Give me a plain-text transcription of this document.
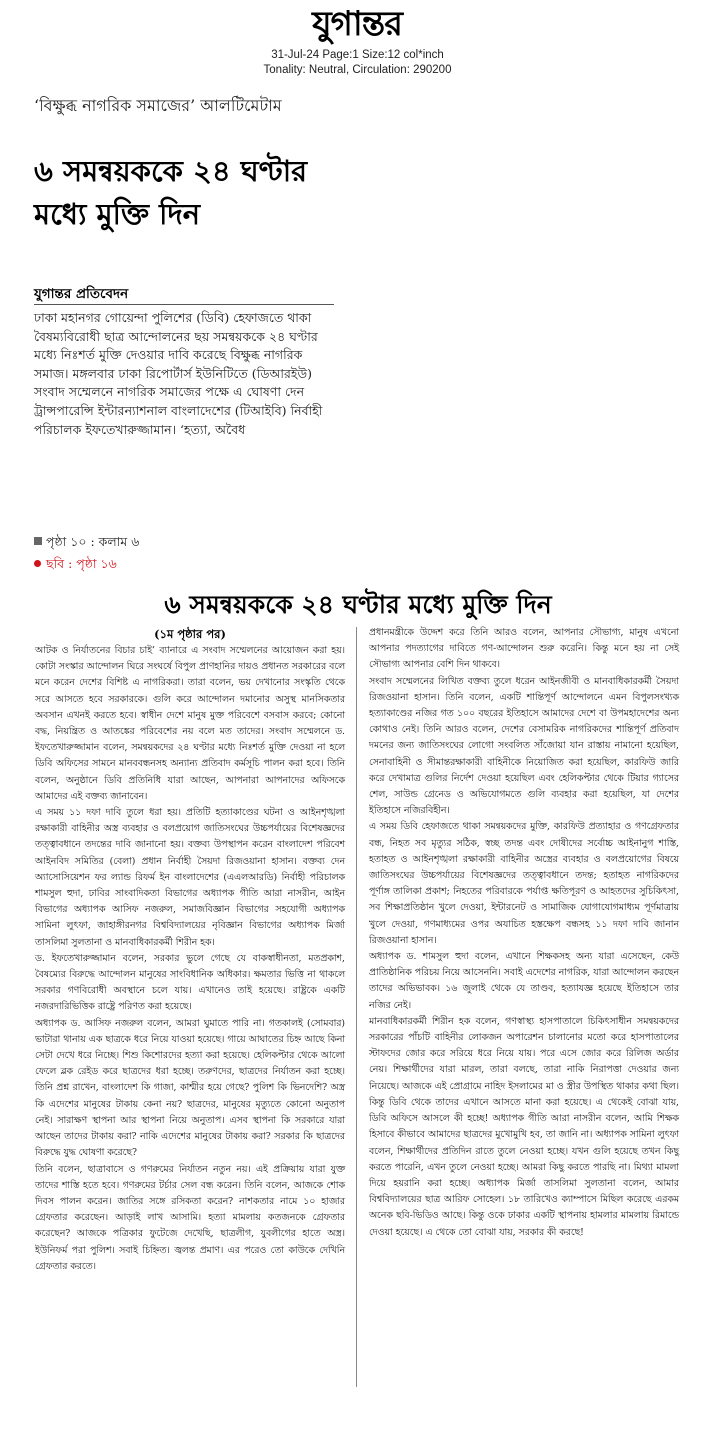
যুগান্তর
31-Jul-24 Page:1 Size:12 col*inch
Tonality: Neutral, Circulation: 290200
‘বিক্ষুব্ধ নাগরিক সমাজের’ আলটিমেটাম
৬ সমন্বয়ককে ২৪ ঘণ্টার মধ্যে মুক্তি দিন
যুগান্তর প্রতিবেদন
ঢাকা মহানগর গোয়েন্দা পুলিশের (ডিবি) হেফাজতে থাকা বৈষম্যবিরোধী ছাত্র আন্দোলনের ছয় সমন্বয়ককে ২৪ ঘণ্টার মধ্যে নিঃশর্ত মুক্তি দেওয়ার দাবি করেছে বিক্ষুব্ধ নাগরিক সমাজ। মঙ্গলবার ঢাকা রিপোর্টার্স ইউনিটিতে (ডিআরইউ) সংবাদ সম্মেলনে নাগরিক সমাজের পক্ষে এ ঘোষণা দেন ট্রান্সপারেন্সি ইন্টারন্যাশনাল বাংলাদেশের (টিআইবি) নির্বাহী পরিচালক ইফতেখারুজ্জামান। ‘হত্যা, অবৈধ
পৃষ্ঠা ১০ : কলাম ৬
ছবি : পৃষ্ঠা ১৬
৬ সমন্বয়ককে ২৪ ঘণ্টার মধ্যে মুক্তি দিন
(১ম পৃষ্ঠার পর)

আটক ও নির্যাতনের বিচার চাই’ ব্যানারে এ সংবাদ সম্মেলনের আয়োজন করা হয়। কোটা সংস্কার আন্দোলন ঘিরে সংঘর্ষে বিপুল প্রাণহানির দায়ও প্রধানত সরকারের বলে মনে করেন দেশের বিশিষ্ট এ নাগরিকরা। তারা বলেন, ভয় দেখানোর সংস্কৃতি থেকে সরে আসতে হবে সরকারকে। গুলি করে আন্দোলন দমানোর অসুস্থ মানসিকতার অবসান এখনই করতে হবে। স্বাধীন দেশে মানুষ মুক্ত পরিবেশে বসবাস করবে; কোনো বদ্ধ, নিয়ন্ত্রিত ও আতঙ্কের পরিবেশের নয় বলে মত তাদের। সংবাদ সম্মেলনে ড. ইফতেখারুজ্জামান বলেন, সমন্বয়কদের ২৪ ঘণ্টার মধ্যে নিঃশর্ত মুক্তি দেওয়া না হলে ডিবি অফিসের সামনে মানববন্ধনসহ অন্যান্য প্রতিবাদ কর্মসূচি পালন করা হবে। তিনি বলেন, অনুষ্ঠানে ডিবি প্রতিনিধি যারা আছেন, আপনারা আপনাদের অফিসকে আমাদের এই বক্তব্য জানাবেন।

এ সময় ১১ দফা দাবি তুলে ধরা হয়। প্রতিটি হত্যাকাণ্ডের ঘটনা ও আইনশৃঙ্খলা রক্ষাকারী বাহিনীর অস্ত্র ব্যবহার ও বলপ্রয়োগ জাতিসংঘের উচ্চপর্যায়ের বিশেষজ্ঞদের তত্ত্বাবধানে তদন্তের দাবি জানানো হয়। বক্তব্য উপস্থাপন করেন বাংলাদেশ পরিবেশ আইনবিদ সমিতির (বেলা) প্রধান নির্বাহী সৈয়দা রিজওয়ানা হাসান। বক্তব্য দেন অ্যাসোসিয়েশন ফর ল্যান্ড রিফর্ম ইন বাংলাদেশের (এএলআরডি) নির্বাহী পরিচালক শামসুল হুদা, ঢাবির সাংবাদিকতা বিভাগের অধ্যাপক গীতি আরা নাসরীন, আইন বিভাগের অধ্যাপক আসিফ নজরুল, সমাজবিজ্ঞান বিভাগের সহযোগী অধ্যাপক সামিনা লুৎফা, জাহাঙ্গীরনগর বিশ্ববিদ্যালয়ের নৃবিজ্ঞান বিভাগের অধ্যাপক মির্জা তাসলিমা সুলতানা ও মানবাধিকারকর্মী শিরীন হক।

ড. ইফতেখারুজ্জামান বলেন, সরকার ভুলে গেছে যে বাকস্বাধীনতা, মতপ্রকাশ, বৈষম্যের বিরুদ্ধে আন্দোলন মানুষের সাংবিধানিক অধিকার। ক্ষমতার ভিত্তি না থাকলে সরকার গণবিরোধী অবস্থানে চলে যায়। এখানেও তাই হয়েছে। রাষ্ট্রকে একটি নজরদারিভিত্তিক রাষ্ট্রে পরিণত করা হয়েছে।

অধ্যাপক ড. আসিফ নজরুল বলেন, আমরা ঘুমাতে পারি না। গতকালই (সোমবার) ভাটারা থানায় এক ছাত্রকে ধরে নিয়ে যাওয়া হয়েছে। গায়ে আঘাতের চিহ্ন আছে কিনা সেটা দেখে ধরে নিচ্ছে। শিশু কিশোরদের হত্যা করা হয়েছে। হেলিকপ্টার থেকে আলো ফেলে ব্লক রেইড করে ছাত্রদের ধরা হচ্ছে। তরুণদের, ছাত্রদের নির্যাতন করা হচ্ছে। তিনি প্রশ্ন রাখেন, বাংলাদেশ কি গাজা, কাশ্মীর হয়ে গেছে? পুলিশ কি ভিনদেশি? অস্ত্র কি এদেশের মানুষের টাকায় কেনা নয়? ছাত্রদের, মানুষের মৃত্যুতে কোনো অনুতাপ নেই। সারাক্ষণ স্থাপনা আর স্থাপনা নিয়ে অনুতাপ। এসব স্থাপনা কি সরকারে যারা আছেন তাদের টাকায় করা? নাকি এদেশের মানুষের টাকায় করা? সরকার কি ছাত্রদের বিরুদ্ধে যুদ্ধ ঘোষণা করেছে?

তিনি বলেন, ছাত্রাবাসে ও গণরুমের নির্যাতন নতুন নয়। এই প্রক্রিয়ায় যারা যুক্ত তাদের শাস্তি হতে হবে। গণরুমের টর্চার সেল বন্ধ করেন। তিনি বলেন, আজকে শোক দিবস পালন করেন। জাতির সঙ্গে রসিকতা করেন? নাশকতার নামে ১০ হাজার গ্রেফতার করেছেন। আড়াই লাখ আসামি। হত্যা মামলায় কতজনকে গ্রেফতার করেছেন? আজকে পত্রিকার ফুটেজে দেখেছি, ছাত্রলীগ, যুবলীগের হাতে অস্ত্র। ইউনিফর্ম পরা পুলিশ। সবাই চিহ্নিত। জ্বলন্ত প্রমাণ। এর পরেও তো কাউকে দেখিনি গ্রেফতার করতে।

প্রধানমন্ত্রীকে উদ্দেশ করে তিনি আরও বলেন, আপনার সৌভাগ্য, মানুষ এখনো আপনার পদত্যাগের দাবিতে গণ-আন্দোলন শুরু করেনি। কিন্তু মনে হয় না সেই সৌভাগ্য আপনার বেশি দিন থাকবে।

সংবাদ সম্মেলনের লিখিত বক্তব্য তুলে ধরেন আইনজীবী ও মানবাধিকারকর্মী সৈয়দা রিজওয়ানা হাসান। তিনি বলেন, একটি শান্তিপূর্ণ আন্দোলনে এমন বিপুলসংখ্যক হত্যাকাণ্ডের নজির গত ১০০ বছরের ইতিহাসে আমাদের দেশে বা উপমহাদেশের অন্য কোথাও নেই। তিনি আরও বলেন, দেশের বেসামরিক নাগরিকদের শান্তিপূর্ণ প্রতিবাদ দমনের জন্য জাতিসংঘের লোগো সংবলিত সাঁজোয়া যান রাস্তায় নামানো হয়েছিল, সেনাবাহিনী ও সীমান্তরক্ষাকারী বাহিনীকে নিয়োজিত করা হয়েছিল, কারফিউ জারি করে দেখামাত্র গুলির নির্দেশ দেওয়া হয়েছিল এবং হেলিকপ্টার থেকে টিয়ার গ্যাসের শেল, সাউন্ড গ্রেনেড ও অভিযোগমতে গুলি ব্যবহার করা হয়েছিল, যা দেশের ইতিহাসে নজিরবিহীন।

এ সময় ডিবি হেফাজতে থাকা সমন্বয়কদের মুক্তি, কারফিউ প্রত্যাহার ও গণগ্রেফতার বন্ধ, নিহত সব মৃত্যুর সঠিক, স্বচ্ছ তদন্ত এবং দোষীদের সর্বোচ্চ আইনানুগ শাস্তি, হতাহত ও আইনশৃঙ্খলা রক্ষাকারী বাহিনীর অস্ত্রের ব্যবহার ও বলপ্রয়োগের বিষয়ে জাতিসংঘের উচ্চপর্যায়ের বিশেষজ্ঞদের তত্ত্বাবধানে তদন্ত; হতাহত নাগরিকদের পূর্ণাঙ্গ তালিকা প্রকাশ; নিহতের পরিবারকে পর্যাপ্ত ক্ষতিপূরণ ও আহতদের সুচিকিৎসা, সব শিক্ষাপ্রতিষ্ঠান খুলে দেওয়া, ইন্টারনেট ও সামাজিক যোগাযোগমাধ্যম পূর্ণমাত্রায় খুলে দেওয়া, গণমাধ্যমের ওপর অযাচিত হস্তক্ষেপ বন্ধসহ ১১ দফা দাবি জানান রিজওয়ানা হাসান।

অধ্যাপক ড. শামসুল হুদা বলেন, এখানে শিক্ষকসহ অন্য যারা এসেছেন, কেউ প্রাতিষ্ঠানিক পরিচয় নিয়ে আসেননি। সবাই এদেশের নাগরিক, যারা আন্দোলন করছেন তাদের অভিভাবক। ১৬ জুলাই থেকে যে তাণ্ডব, হত্যাযজ্ঞ হয়েছে ইতিহাসে তার নজির নেই।

মানবাধিকারকর্মী শিরীন হক বলেন, গণস্বাস্থ্য হাসপাতালে চিকিৎসাধীন সমন্বয়কদের সরকারের পাঁচটি বাহিনীর লোকজন অপারেশন চালানোর মতো করে হাসপাতালের স্টাফদের জোর করে সরিয়ে ধরে নিয়ে যায়। পরে এসে জোর করে রিলিজ অর্ডার নেয়। শিক্ষার্থীদের যারা মারল, তারা বলছে, তারা নাকি নিরাপত্তা দেওয়ার জন্য নিয়েছে। আজকে এই প্রোগ্রামে নাহিদ ইসলামের মা ও স্ত্রীর উপস্থিত থাকার কথা ছিল। কিন্তু ডিবি থেকে তাদের এখানে আসতে মানা করা হয়েছে। এ থেকেই বোঝা যায়, ডিবি অফিসে আসলে কী হচ্ছে! অধ্যাপক গীতি আরা নাসরীন বলেন, আমি শিক্ষক হিসাবে কীভাবে আমাদের ছাত্রদের মুখোমুখি হব, তা জানি না। অধ্যাপক সামিনা লুৎফা বলেন, শিক্ষার্থীদের প্রতিদিন রাতে তুলে নেওয়া হচ্ছে। যখন গুলি হয়েছে তখন কিছু করতে পারেনি, এখন তুলে নেওয়া হচ্ছে। আমরা কিছু করতে পারছি না। মিথ্যা মামলা দিয়ে হয়রানি করা হচ্ছে। অধ্যাপক মির্জা তাসলিমা সুলতানা বলেন, আমার বিশ্ববিদ্যালয়ের ছাত্র আরিফ সোহেল। ১৮ তারিখেও ক্যাম্পাসে মিছিল করেছে এরকম অনেক ছবি-ভিডিও আছে। কিন্তু ওকে ঢাকার একটি স্থাপনায় হামলার মামলায় রিমান্ডে দেওয়া হয়েছে। এ থেকে তো বোঝা যায়, সরকার কী করছে!
